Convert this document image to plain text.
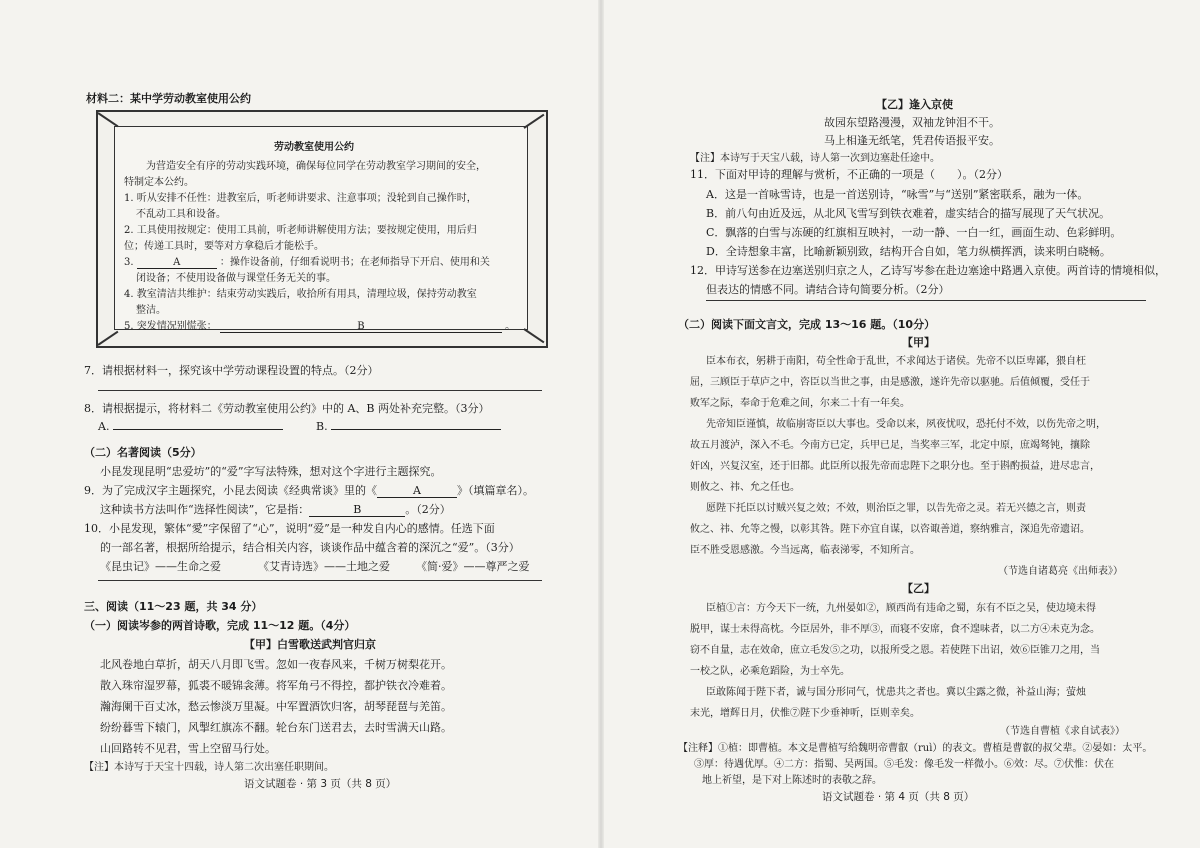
材料二：某中学劳动教室使用公约
劳动教室使用公约
为营造安全有序的劳动实践环境，确保每位同学在劳动教室学习期间的安全，
特制定本公约。
1. 听从安排不任性：进教室后，听老师讲要求、注意事项；没轮到自己操作时，
不乱动工具和设备。
2. 工具使用按规定：使用工具前，听老师讲解使用方法；要按规定使用，用后归
位；传递工具时，要等对方拿稳后才能松手。
3.	A	：操作设备前，仔细看说明书；在老师指导下开启、使用和关
闭设备；不使用设备做与课堂任务无关的事。
4. 教室清洁共维护：结束劳动实践后，收拾所有用具，清理垃圾，保持劳动教室
整洁。
5. 突发情况别慌张：	B	。
7．请根据材料一，探究该中学劳动课程设置的特点。（2分）
8．请根据提示，将材料二《劳动教室使用公约》中的 A、B 两处补充完整。（3分）
A.	B.
（二）名著阅读（5分）
小昆发现昆明“忠爱坊”的“爱”字写法特殊，想对这个字进行主题探究。
9．为了完成汉字主题探究，小昆去阅读《经典常谈》里的《	A	》（填篇章名）。
这种读书方法叫作“选择性阅读”，它是指：	B	。（2分）
10．小昆发现，繁体“愛”字保留了“心”，说明“爱”是一种发自内心的感情。任选下面
的一部名著，根据所给提示，结合相关内容，谈谈作品中蕴含着的深沉之“爱”。（3分）
《昆虫记》——生命之爱	《艾青诗选》——土地之爱 《简·爱》——尊严之爱
三、阅读（11～23 题，共 34 分）
（一）阅读岑参的两首诗歌，完成 11～12 题。（4分）
【甲】白雪歌送武判官归京
北风卷地白草折，胡天八月即飞雪。忽如一夜春风来，千树万树梨花开。
散入珠帘湿罗幕，狐裘不暖锦衾薄。将军角弓不得控，都护铁衣冷难着。
瀚海阑干百丈冰，愁云惨淡万里凝。中军置酒饮归客，胡琴琵琶与羌笛。
纷纷暮雪下辕门，风掣红旗冻不翻。轮台东门送君去，去时雪满天山路。
山回路转不见君，雪上空留马行处。
【注】本诗写于天宝十四载，诗人第二次出塞任职期间。
语文试题卷 · 第 3 页（共 8 页）
【乙】逢入京使
故园东望路漫漫，双袖龙钟泪不干。
马上相逢无纸笔，凭君传语报平安。
【注】本诗写于天宝八载，诗人第一次到边塞赴任途中。
11．下面对甲诗的理解与赏析，不正确的一项是（　　）。（2分）
A．这是一首咏雪诗，也是一首送别诗，“咏雪”与“送别”紧密联系，融为一体。
B．前八句由近及远，从北风飞雪写到铁衣难着，虚实结合的描写展现了天气状况。
C．飘落的白雪与冻硬的红旗相互映衬，一动一静、一白一红，画面生动、色彩鲜明。
D．全诗想象丰富，比喻新颖别致，结构开合自如，笔力纵横挥洒，读来明白晓畅。
12．甲诗写送参在边塞送别归京之人，乙诗写岑参在赴边塞途中路遇入京使。两首诗的情境相似，
但表达的情感不同。请结合诗句简要分析。（2分）
（二）阅读下面文言文，完成 13～16 题。（10分）
【甲】
臣本布衣，躬耕于南阳，苟全性命于乱世，不求闻达于诸侯。先帝不以臣卑鄙，猥自枉
屈，三顾臣于草庐之中，咨臣以当世之事，由是感激，遂许先帝以驱驰。后值倾覆，受任于
败军之际，奉命于危难之间，尔来二十有一年矣。
先帝知臣谨慎，故临崩寄臣以大事也。受命以来，夙夜忧叹，恐托付不效，以伤先帝之明，
故五月渡泸，深入不毛。今南方已定，兵甲已足，当奖率三军，北定中原，庶竭驽钝，攘除
奸凶，兴复汉室，还于旧都。此臣所以报先帝而忠陛下之职分也。至于斟酌损益，进尽忠言，
则攸之、祎、允之任也。
愿陛下托臣以讨贼兴复之效；不效，则治臣之罪，以告先帝之灵。若无兴德之言，则责
攸之、祎、允等之慢，以彰其咎。陛下亦宜自谋，以咨诹善道，察纳雅言，深追先帝遗诏。
臣不胜受恩感激。今当远离，临表涕零，不知所言。
（节选自诸葛亮《出师表》）
【乙】
臣植①言：方今天下一统，九州晏如②，顾西尚有违命之蜀，东有不臣之吴，使边境未得
脱甲，谋士未得高枕。今臣居外，非不厚③，而寝不安席，食不遑味者，以二方④未克为念。
窃不自量，志在效命，庶立毛发⑤之功，以报所受之恩。若使陛下出诏，效⑥臣锥刀之用，当
一校之队，必乘危蹈险，为士卒先。
臣敢陈闻于陛下者，诚与国分形同气，忧患共之者也。冀以尘露之微，补益山海；萤烛
末光，增辉日月，伏惟⑦陛下少垂神听，臣则幸矣。
（节选自曹植《求自试表》）
【注释】①植：即曹植。本文是曹植写给魏明帝曹叡（ruì）的表文。曹植是曹叡的叔父辈。②晏如：太平。
③厚：待遇优厚。④二方：指蜀、吴两国。⑤毛发：像毛发一样微小。⑥效：尽。⑦伏惟：伏在
地上祈望，是下对上陈述时的表敬之辞。
语文试题卷 · 第 4 页（共 8 页）
